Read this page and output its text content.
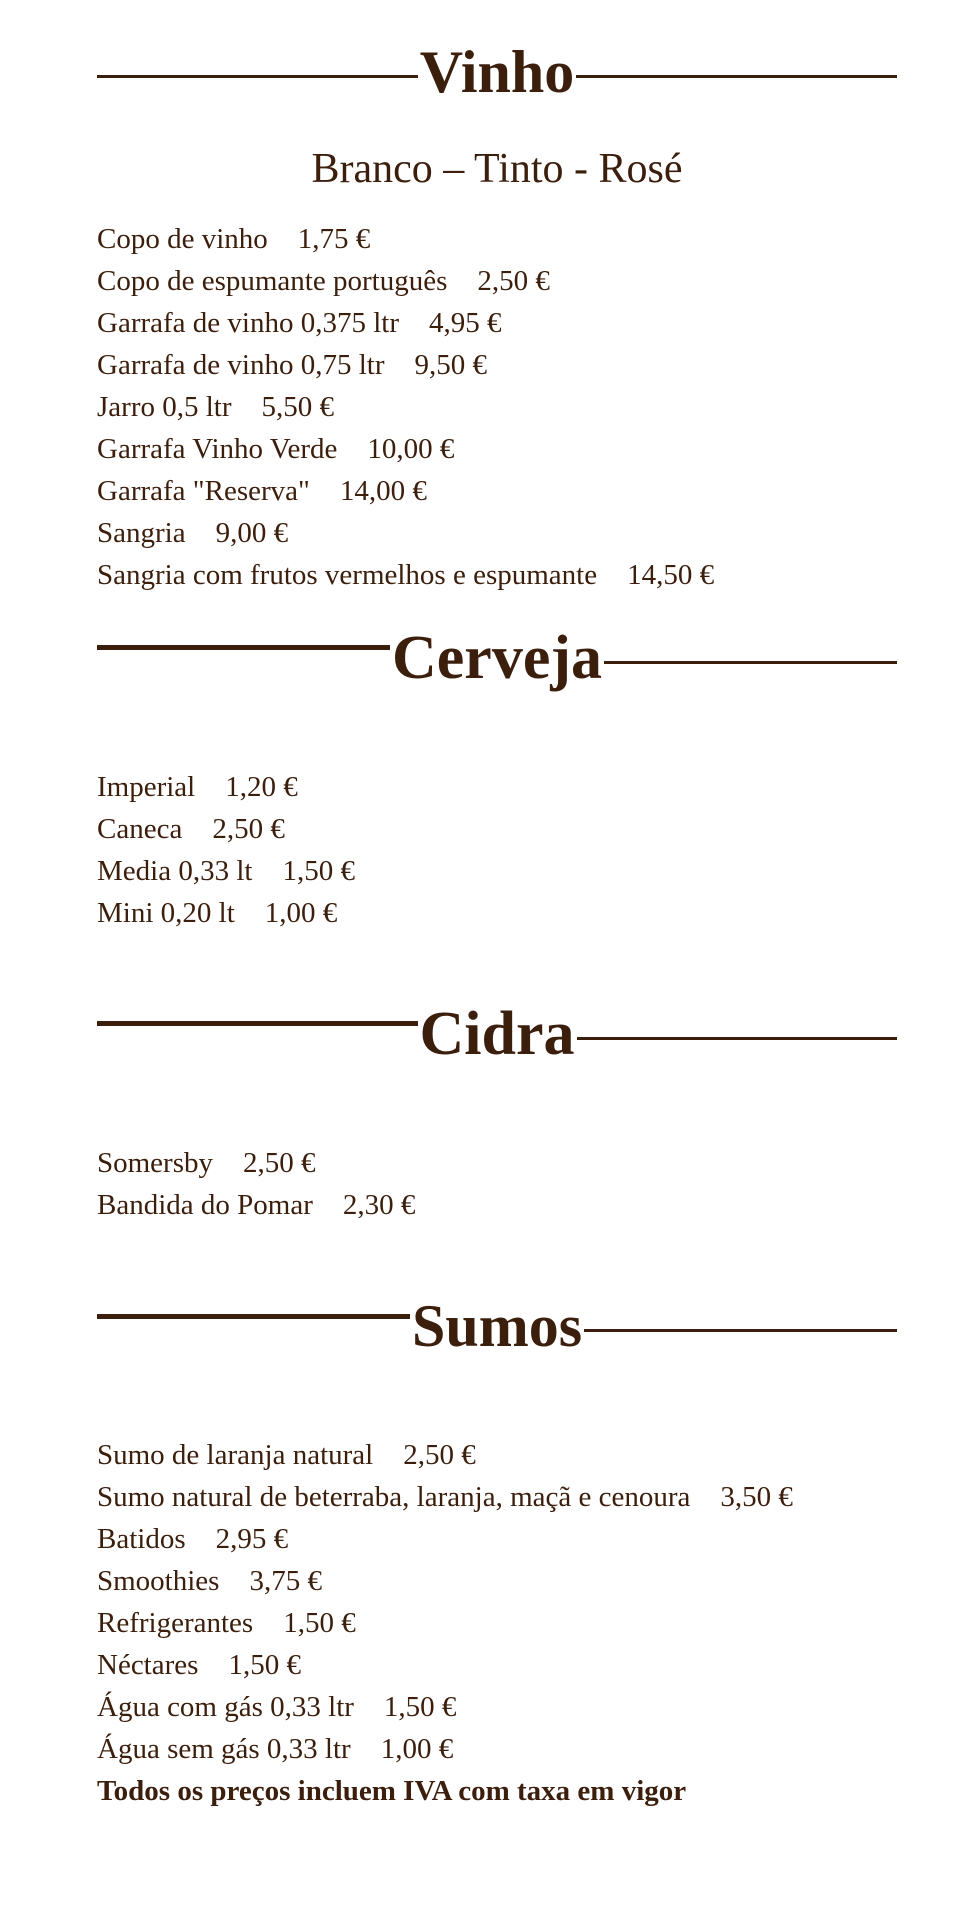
Vinho
Branco – Tinto - Rosé
Copo de vinho 1,75 €
Copo de espumante português 2,50 €
Garrafa de vinho 0,375 ltr 4,95 €
Garrafa de vinho 0,75 ltr 9,50 €
Jarro 0,5 ltr 5,50 €
Garrafa Vinho Verde 10,00 €
Garrafa "Reserva" 14,00 €
Sangria 9,00 €
Sangria com frutos vermelhos e espumante 14,50 €
Cerveja
Imperial 1,20 €
Caneca 2,50 €
Media 0,33 lt 1,50 €
Mini 0,20 lt 1,00 €
Cidra
Somersby 2,50 €
Bandida do Pomar 2,30 €
Sumos
Sumo de laranja natural 2,50 €
Sumo natural de beterraba, laranja, maçã e cenoura 3,50 €
Batidos 2,95 €
Smoothies 3,75 €
Refrigerantes 1,50 €
Néctares 1,50 €
Água com gás 0,33 ltr 1,50 €
Água sem gás 0,33 ltr 1,00 €
Todos os preços incluem IVA com taxa em vigor
